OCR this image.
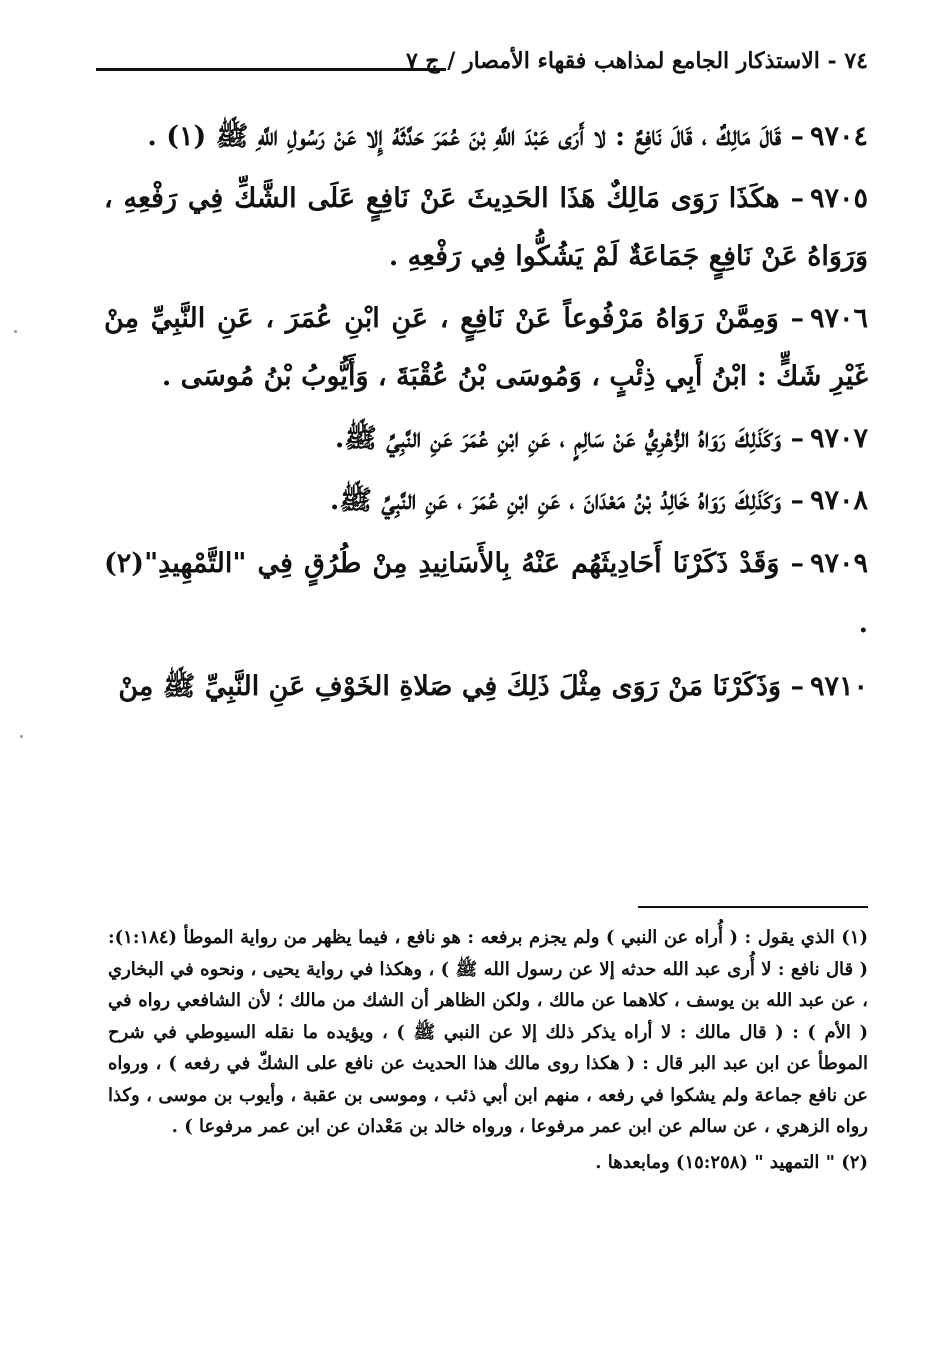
٧٤ - الاستذكار الجامع لمذاهب فقهاء الأمصار / ج ٧

٩٧٠٤– قَالَ مَالِكٌ ، قَالَ نَافِعٌ : لا أَرَى عَبْدَ اللَّهِ بْنَ عُمَرَ حَدَّثَهُ إِلا عَنْ رَسُولِ اللَّهِ ﷺ (١) .

٩٧٠٥– هكَذَا رَوَى مَالِكٌ هَذَا الحَدِيثَ عَنْ نَافِعٍ عَلَى الشَّكِّ فِي رَفْعِهِ ، وَرَوَاهُ عَنْ نَافِعٍ جَمَاعَةٌ لَمْ يَشُكُّوا فِي رَفْعِهِ .

٩٧٠٦– وَمِمَّنْ رَوَاهُ مَرْفُوعاً عَنْ نَافِعٍ ، عَنِ ابْنِ عُمَرَ ، عَنِ النَّبِيِّ مِنْ غَيْرِ شَكٍّ : ابْنُ أَبِي ذِئْبٍ ، وَمُوسَى بْنُ عُقْبَةَ ، وَأَيُّوبُ بْنُ مُوسَى .

٩٧٠٧– وَكَذَلِكَ رَوَاهُ الزُّهْرِيُّ عَنْ سَالِمٍ ، عَنِ ابْنِ عُمَرَ عَنِ النَّبِيِّ ﷺ.

٩٧٠٨– وَكَذَلِكَ رَوَاهُ خَالِدُ بْنُ مَعْدَانَ ، عَنِ ابْنِ عُمَرَ ، عَنِ النَّبِيِّ ﷺ.

٩٧٠٩– وَقَدْ ذَكَرْنَا أَحَادِيثَهُم عَنْهُ بِالأَسَانِيدِ مِنْ طُرُقٍ فِي "التَّمْهِيدِ"(٢) .

٩٧١٠– وَذَكَرْنَا مَنْ رَوَى مِثْلَ ذَلِكَ فِي صَلاةِ الخَوْفِ عَنِ النَّبِيِّ ﷺ مِنْ

(١) الذي يقول : ( أُراه عن النبي ) ولم يجزم برفعه : هو نافع ، فيما يظهر من رواية الموطأ (١:١٨٤): ( قال نافع : لا أُرى عبد الله حدثه إلا عن رسول الله ﷺ ) ، وهكذا في رواية يحيى ، ونحوه في البخاري ، عن عبد الله بن يوسف ، كلاهما عن مالك ، ولكن الظاهر أن الشك من مالك ؛ لأن الشافعي رواه في ( الأم ) : ( قال مالك : لا أراه يذكر ذلك إلا عن النبي ﷺ ) ، ويؤيده ما نقله السيوطي في شرح الموطأ عن ابن عبد البر قال : ( هكذا روى مالك هذا الحديث عن نافع على الشكّ في رفعه ) ، ورواه عن نافع جماعة ولم يشكوا في رفعه ، منهم ابن أبي ذئب ، وموسى بن عقبة ، وأيوب بن موسى ، وكذا رواه الزهري ، عن سالم عن ابن عمر مرفوعا ، ورواه خالد بن مَعْدان عن ابن عمر مرفوعا ) .

(٢) " التمهيد " (١٥:٢٥٨) ومابعدها .
